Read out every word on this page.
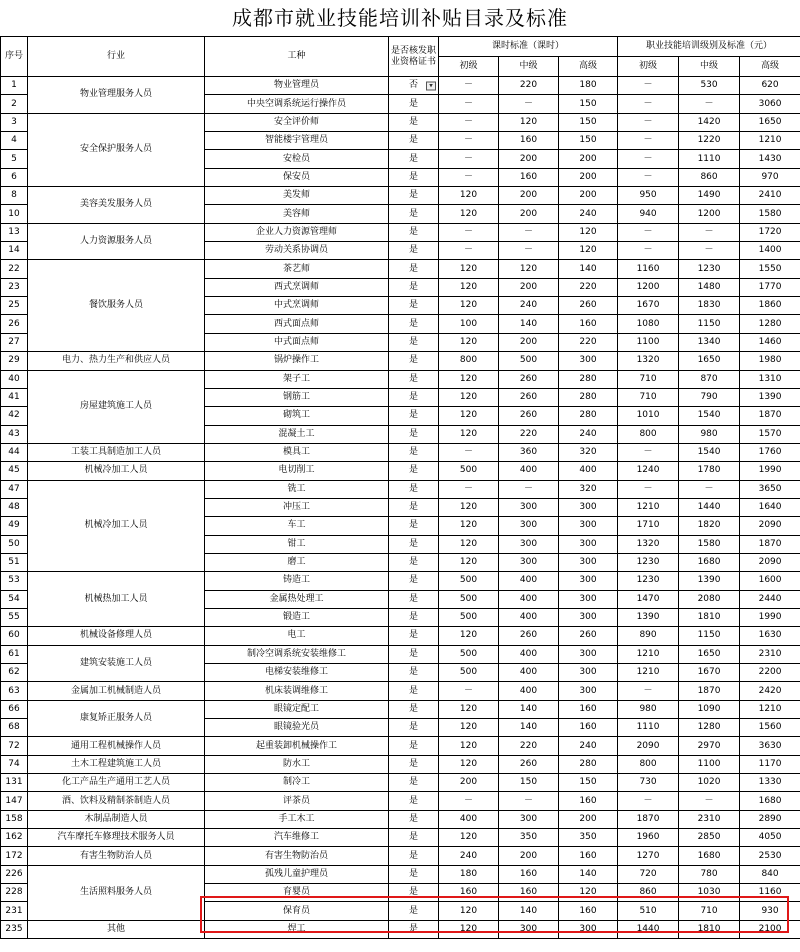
成都市就业技能培训补贴目录及标准
序号	行业	工种	是否核发职业资格证书	课时标准（课时）			职业技能培训级别及标准（元）		
				初级	中级	高级	初级	中级	高级
1	物业管理服务人员	物业管理员	否 ▾	－	220	180	－	530	620
2		中央空调系统运行操作员	是	－	－	150	－	－	3060
3	安全保护服务人员	安全评价师	是	－	120	150	－	1420	1650
4		智能楼宇管理员	是	－	160	150	－	1220	1210
5		安检员	是	－	200	200	－	1110	1430
6		保安员	是	－	160	200	－	860	970
8	美容美发服务人员	美发师	是	120	200	200	950	1490	2410
10		美容师	是	120	200	240	940	1200	1580
13	人力资源服务人员	企业人力资源管理师	是	－	－	120	－	－	1720
14		劳动关系协调员	是	－	－	120	－	－	1400
22	餐饮服务人员	茶艺师	是	120	120	140	1160	1230	1550
23		西式烹调师	是	120	200	220	1200	1480	1770
25		中式烹调师	是	120	240	260	1670	1830	1860
26		西式面点师	是	100	140	160	1080	1150	1280
27		中式面点师	是	120	200	220	1100	1340	1460
29	电力、热力生产和供应人员	锅炉操作工	是	800	500	300	1320	1650	1980
40	房屋建筑施工人员	架子工	是	120	260	280	710	870	1310
41		钢筋工	是	120	260	280	710	790	1390
42		砌筑工	是	120	260	280	1010	1540	1870
43		混凝土工	是	120	220	240	800	980	1570
44	工装工具制造加工人员	模具工	是	－	360	320	－	1540	1760
45	机械冷加工人员	电切削工	是	500	400	400	1240	1780	1990
47	机械冷加工人员	铣工	是	－	－	320	－	－	3650
48		冲压工	是	120	300	300	1210	1440	1640
49		车工	是	120	300	300	1710	1820	2090
50		钳工	是	120	300	300	1320	1580	1870
51		磨工	是	120	300	300	1230	1680	2090
53	机械热加工人员	铸造工	是	500	400	300	1230	1390	1600
54		金属热处理工	是	500	400	300	1470	2080	2440
55		锻造工	是	500	400	300	1390	1810	1990
60	机械设备修理人员	电工	是	120	260	260	890	1150	1630
61	建筑安装施工人员	制冷空调系统安装维修工	是	500	400	300	1210	1650	2310
62		电梯安装维修工	是	500	400	300	1210	1670	2200
63	金属加工机械制造人员	机床装调维修工	是	－	400	300	－	1870	2420
66	康复矫正服务人员	眼镜定配工	是	120	140	160	980	1090	1210
68		眼镜验光员	是	120	140	160	1110	1280	1560
72	通用工程机械操作人员	起重装卸机械操作工	是	120	220	240	2090	2970	3630
74	土木工程建筑施工人员	防水工	是	120	260	280	800	1100	1170
131	化工产品生产通用工艺人员	制冷工	是	200	150	150	730	1020	1330
147	酒、饮料及精制茶制造人员	评茶员	是	－	－	160	－	－	1680
158	木制品制造人员	手工木工	是	400	300	200	1870	2310	2890
162	汽车摩托车修理技术服务人员	汽车维修工	是	120	350	350	1960	2850	4050
172	有害生物防治人员	有害生物防治员	是	240	200	160	1270	1680	2530
226	生活照料服务人员	孤残儿童护理员	是	180	160	140	720	780	840
228		育婴员	是	160	160	120	860	1030	1160
231		保育员	是	120	140	160	510	710	930
235	其他	焊工	是	120	300	300	1440	1810	2100
